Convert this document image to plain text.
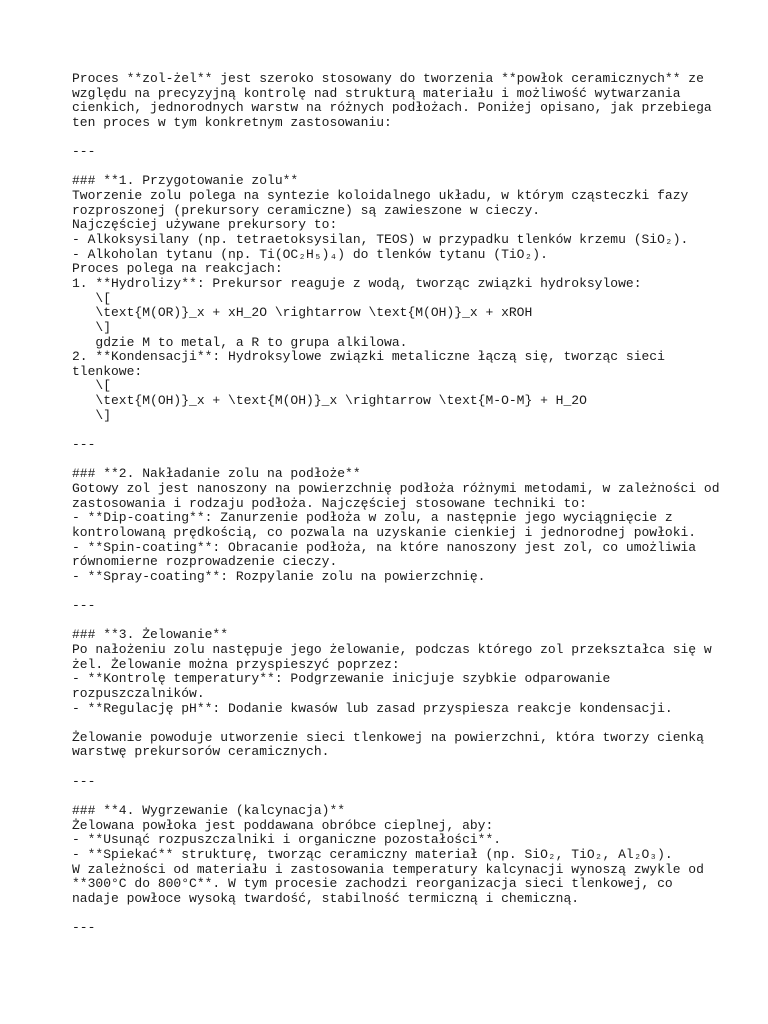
Proces **zol-żel** jest szeroko stosowany do tworzenia **powłok ceramicznych** ze
względu na precyzyjną kontrolę nad strukturą materiału i możliwość wytwarzania
cienkich, jednorodnych warstw na różnych podłożach. Poniżej opisano, jak przebiega
ten proces w tym konkretnym zastosowaniu:
---
### **1. Przygotowanie zolu**
Tworzenie zolu polega na syntezie koloidalnego układu, w którym cząsteczki fazy
rozproszonej (prekursory ceramiczne) są zawieszone w cieczy.
Najczęściej używane prekursory to:
- Alkoksysilany (np. tetraetoksysilan, TEOS) w przypadku tlenków krzemu (SiO₂).
- Alkoholan tytanu (np. Ti(OC₂H₅)₄) do tlenków tytanu (TiO₂).
Proces polega na reakcjach:
1. **Hydrolizy**: Prekursor reaguje z wodą, tworząc związki hydroksylowe:
\[
\text{M(OR)}_x + xH_2O \rightarrow \text{M(OH)}_x + xROH
\]
gdzie M to metal, a R to grupa alkilowa.
2. **Kondensacji**: Hydroksylowe związki metaliczne łączą się, tworząc sieci
tlenkowe:
\[
\text{M(OH)}_x + \text{M(OH)}_x \rightarrow \text{M-O-M} + H_2O
\]
---
### **2. Nakładanie zolu na podłoże**
Gotowy zol jest nanoszony na powierzchnię podłoża różnymi metodami, w zależności od
zastosowania i rodzaju podłoża. Najczęściej stosowane techniki to:
- **Dip-coating**: Zanurzenie podłoża w zolu, a następnie jego wyciągnięcie z
kontrolowaną prędkością, co pozwala na uzyskanie cienkiej i jednorodnej powłoki.
- **Spin-coating**: Obracanie podłoża, na które nanoszony jest zol, co umożliwia
równomierne rozprowadzenie cieczy.
- **Spray-coating**: Rozpylanie zolu na powierzchnię.
---
### **3. Żelowanie**
Po nałożeniu zolu następuje jego żelowanie, podczas którego zol przekształca się w
żel. Żelowanie można przyspieszyć poprzez:
- **Kontrolę temperatury**: Podgrzewanie inicjuje szybkie odparowanie
rozpuszczalników.
- **Regulację pH**: Dodanie kwasów lub zasad przyspiesza reakcje kondensacji.
Żelowanie powoduje utworzenie sieci tlenkowej na powierzchni, która tworzy cienką
warstwę prekursorów ceramicznych.
---
### **4. Wygrzewanie (kalcynacja)**
Żelowana powłoka jest poddawana obróbce cieplnej, aby:
- **Usunąć rozpuszczalniki i organiczne pozostałości**.
- **Spiekać** strukturę, tworząc ceramiczny materiał (np. SiO₂, TiO₂, Al₂O₃).
W zależności od materiału i zastosowania temperatury kalcynacji wynoszą zwykle od
**300°C do 800°C**. W tym procesie zachodzi reorganizacja sieci tlenkowej, co
nadaje powłoce wysoką twardość, stabilność termiczną i chemiczną.
---
